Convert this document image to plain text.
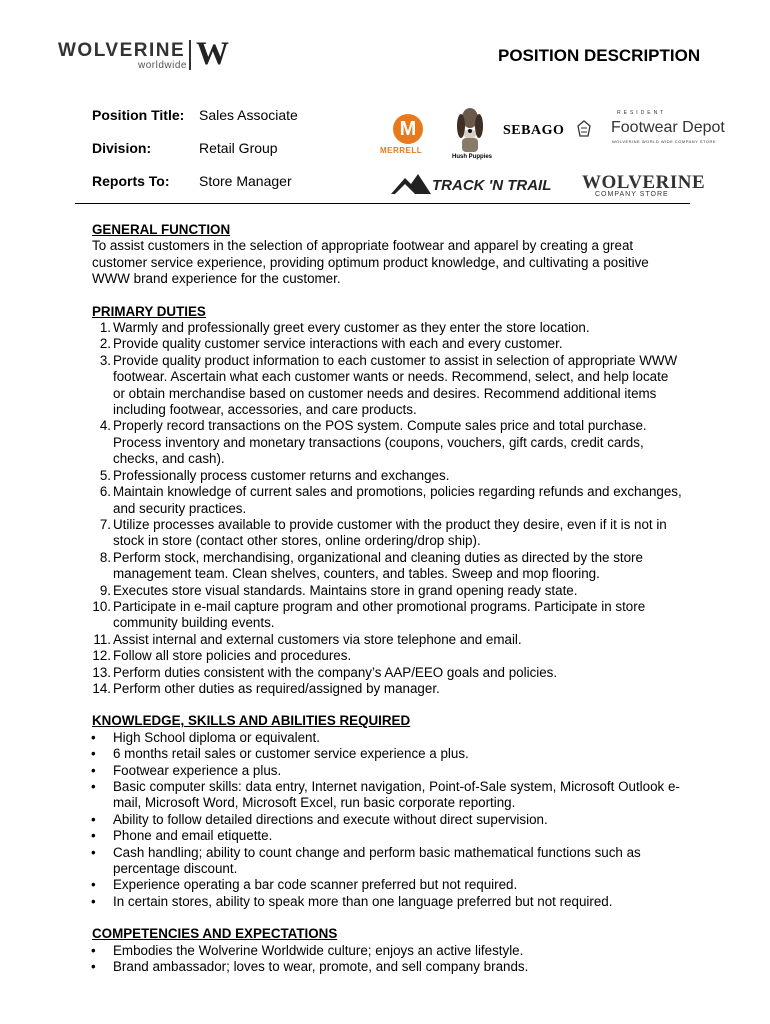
WOLVERINE
worldwide W	POSITION DESCRIPTION
Position Title: Sales Associate
Division:	Retail Group
Reports To: Store Manager
M
MERRELL
Hush Puppies
SEBAGO
RESIDENT
Footwear Depot
WOLVERINE WORLD WIDE COMPANY STORE
TRACK 'N TRAIL WOLVERINE
COMPANY STORE
GENERAL FUNCTION

To assist customers in the selection of appropriate footwear and apparel by creating a great customer service experience, providing optimum product knowledge, and cultivating a positive WWW brand experience for the customer.

PRIMARY DUTIES
1. Warmly and professionally greet every customer as they enter the store location.
2. Provide quality customer service interactions with each and every customer.
3. Provide quality product information to each customer to assist in selection of appropriate WWW footwear. Ascertain what each customer wants or needs. Recommend, select, and help locate or obtain merchandise based on customer needs and desires. Recommend additional items including footwear, accessories, and care products.
4. Properly record transactions on the POS system. Compute sales price and total purchase. Process inventory and monetary transactions (coupons, vouchers, gift cards, credit cards, checks, and cash).
5. Professionally process customer returns and exchanges.
6. Maintain knowledge of current sales and promotions, policies regarding refunds and exchanges, and security practices.
7. Utilize processes available to provide customer with the product they desire, even if it is not in stock in store (contact other stores, online ordering/drop ship).
8. Perform stock, merchandising, organizational and cleaning duties as directed by the store management team. Clean shelves, counters, and tables. Sweep and mop flooring.
9. Executes store visual standards. Maintains store in grand opening ready state.
10. Participate in e-mail capture program and other promotional programs. Participate in store community building events.
11. Assist internal and external customers via store telephone and email.
12. Follow all store policies and procedures.
13. Perform duties consistent with the company’s AAP/EEO goals and policies.
14. Perform other duties as required/assigned by manager.
KNOWLEDGE, SKILLS AND ABILITIES REQUIRED
• High School diploma or equivalent.
• 6 months retail sales or customer service experience a plus.
• Footwear experience a plus.
• Basic computer skills: data entry, Internet navigation, Point-of-Sale system, Microsoft Outlook e-mail, Microsoft Word, Microsoft Excel, run basic corporate reporting.
• Ability to follow detailed directions and execute without direct supervision.
• Phone and email etiquette.
• Cash handling; ability to count change and perform basic mathematical functions such as percentage discount.
• Experience operating a bar code scanner preferred but not required.
• In certain stores, ability to speak more than one language preferred but not required.
COMPETENCIES AND EXPECTATIONS
• Embodies the Wolverine Worldwide culture; enjoys an active lifestyle.
• Brand ambassador; loves to wear, promote, and sell company brands.
